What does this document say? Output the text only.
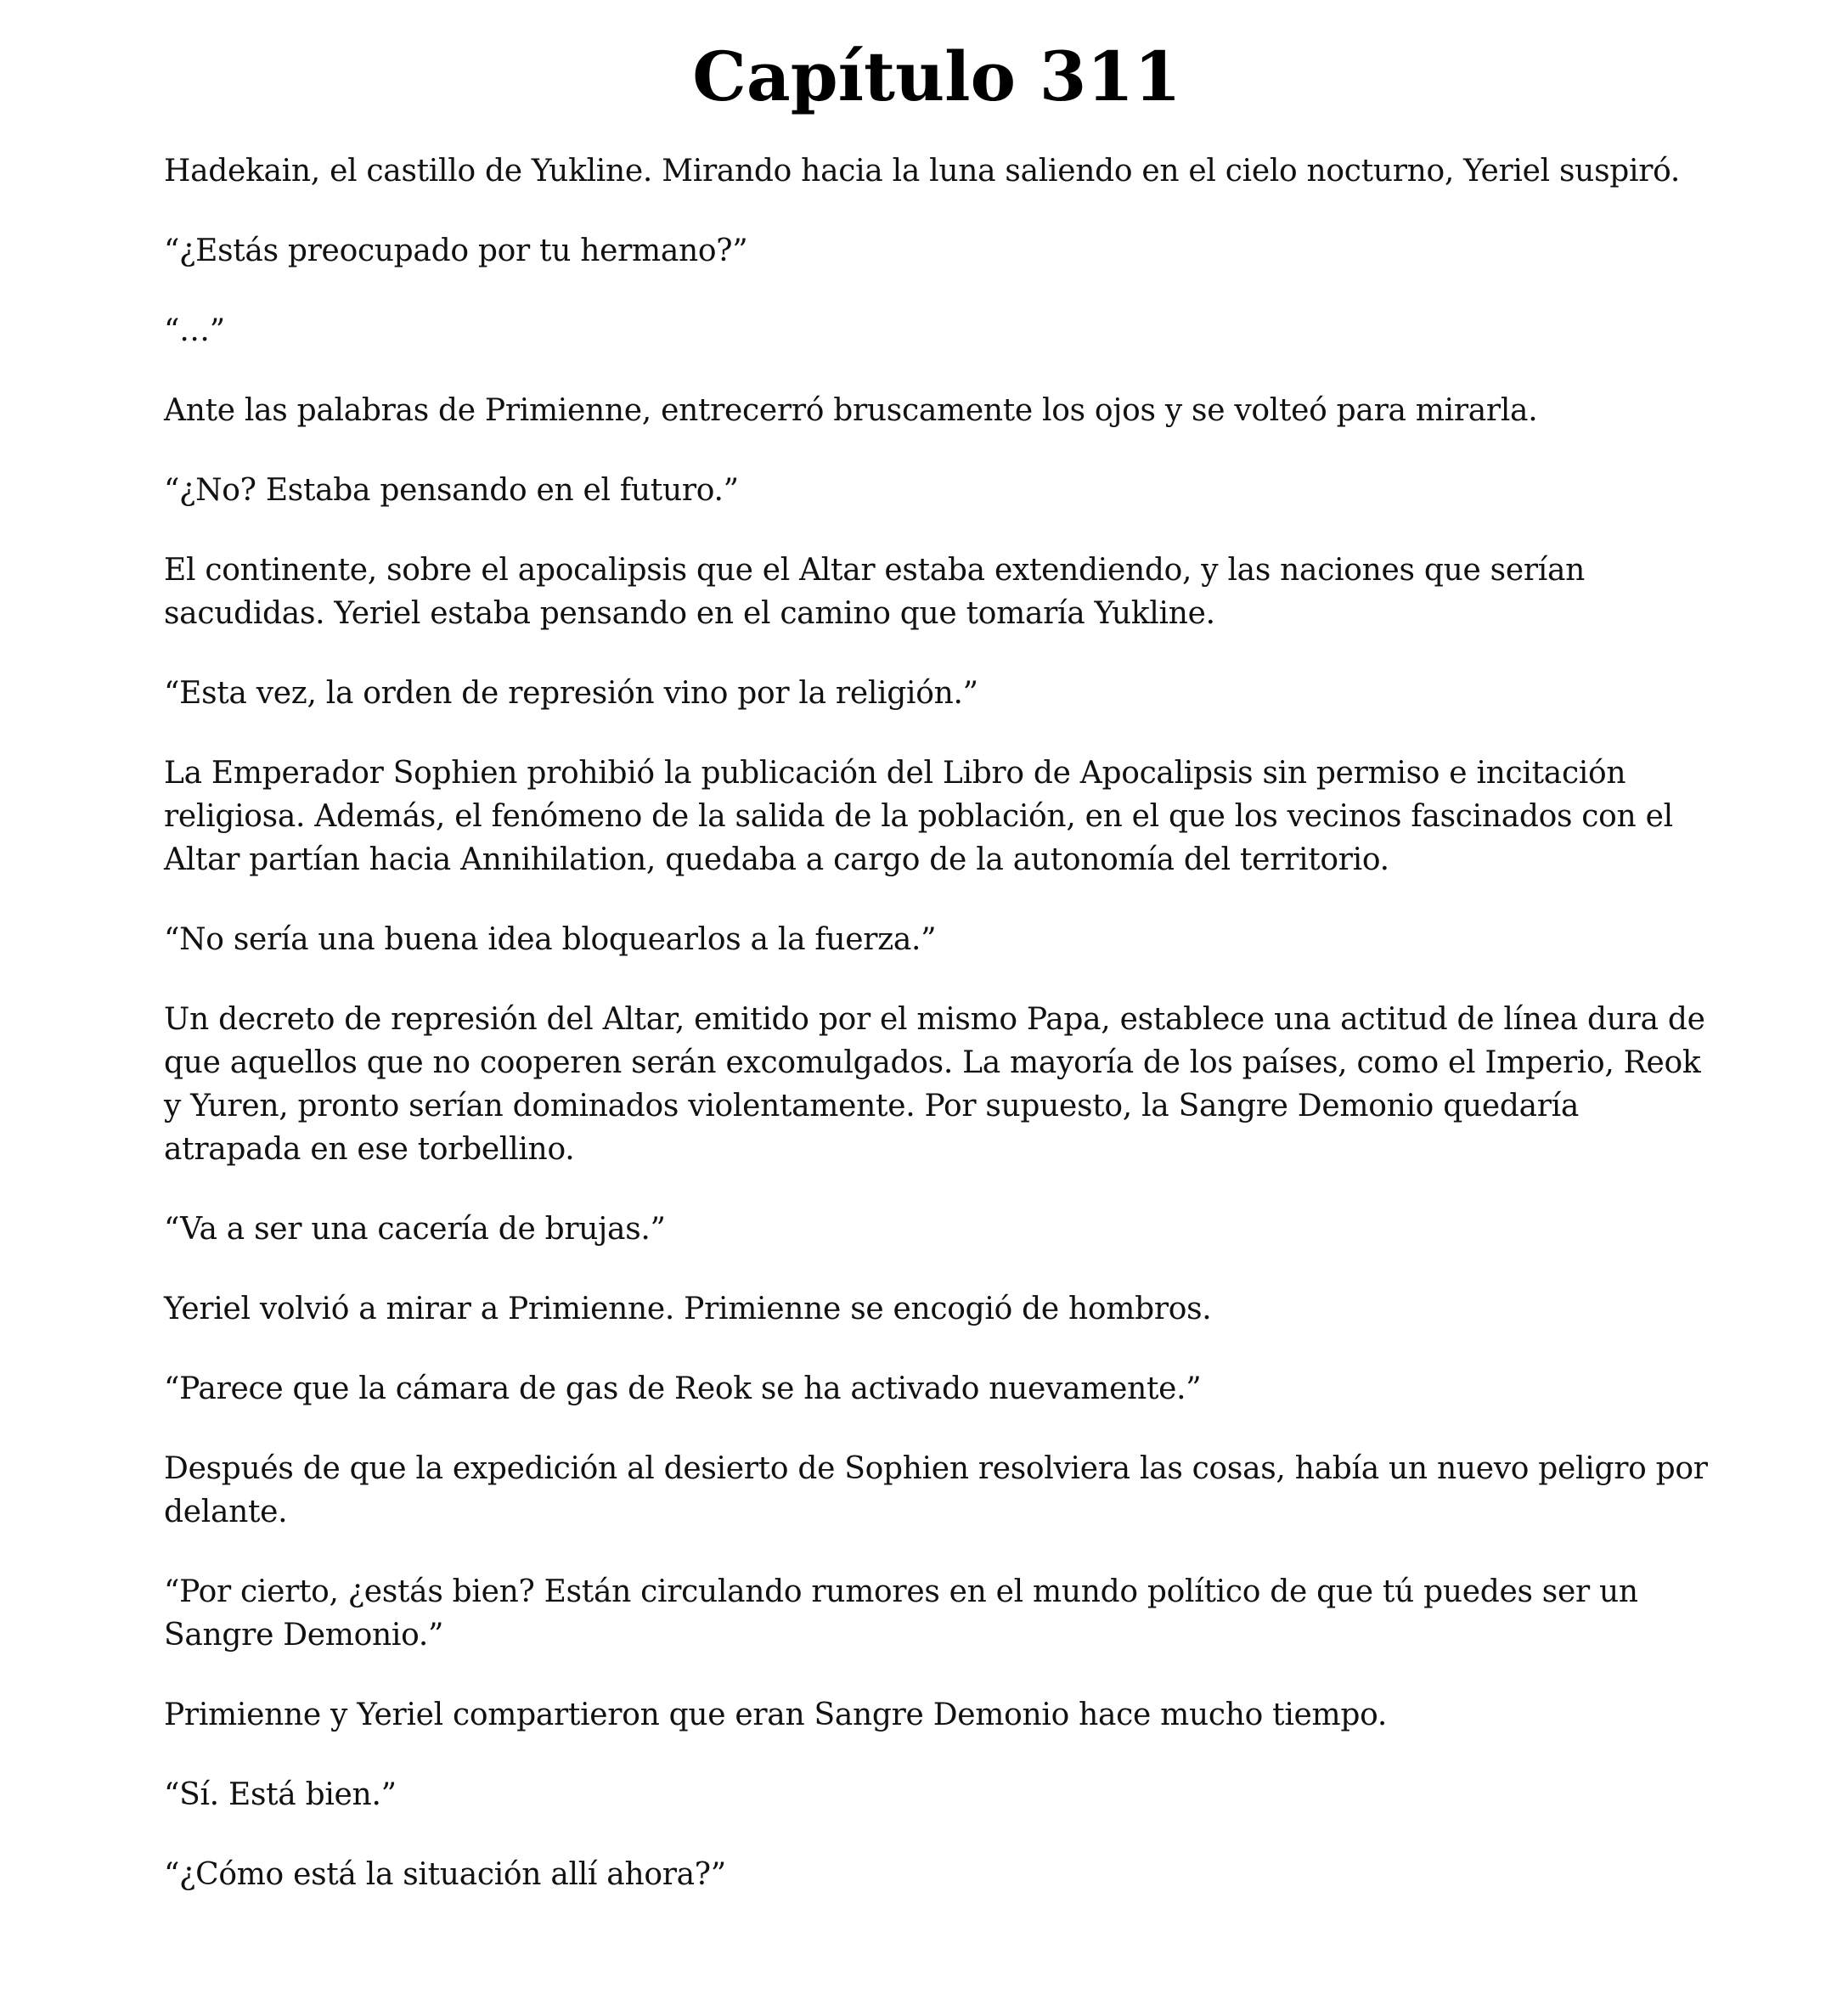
Capítulo 311

Hadekain, el castillo de Yukline. Mirando hacia la luna saliendo en el cielo nocturno, Yeriel suspiró.

“¿Estás preocupado por tu hermano?”

“…”

Ante las palabras de Primienne, entrecerró bruscamente los ojos y se volteó para mirarla.

“¿No? Estaba pensando en el futuro.”

El continente, sobre el apocalipsis que el Altar estaba extendiendo, y las naciones que serían sacudidas. Yeriel estaba pensando en el camino que tomaría Yukline.

“Esta vez, la orden de represión vino por la religión.”

La Emperador Sophien prohibió la publicación del Libro de Apocalipsis sin permiso e incitación religiosa. Además, el fenómeno de la salida de la población, en el que los vecinos fascinados con el Altar partían hacia Annihilation, quedaba a cargo de la autonomía del territorio.

“No sería una buena idea bloquearlos a la fuerza.”

Un decreto de represión del Altar, emitido por el mismo Papa, establece una actitud de línea dura de que aquellos que no cooperen serán excomulgados. La mayoría de los países, como el Imperio, Reok y Yuren, pronto serían dominados violentamente. Por supuesto, la Sangre Demonio quedaría atrapada en ese torbellino.

“Va a ser una cacería de brujas.”

Yeriel volvió a mirar a Primienne. Primienne se encogió de hombros.

“Parece que la cámara de gas de Reok se ha activado nuevamente.”

Después de que la expedición al desierto de Sophien resolviera las cosas, había un nuevo peligro por delante.

“Por cierto, ¿estás bien? Están circulando rumores en el mundo político de que tú puedes ser un Sangre Demonio.”

Primienne y Yeriel compartieron que eran Sangre Demonio hace mucho tiempo.

“Sí. Está bien.”

“¿Cómo está la situación allí ahora?”
